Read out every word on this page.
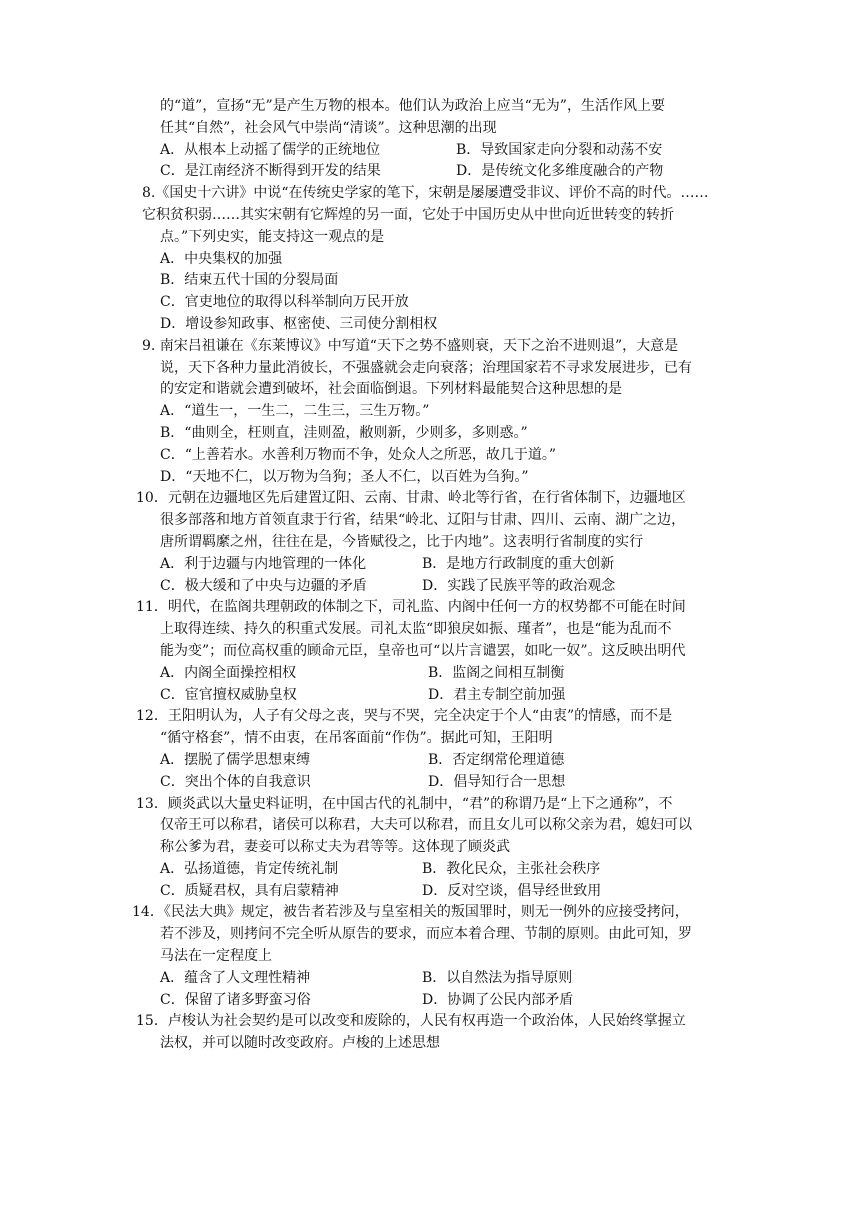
的“道”，宣扬“无”是产生万物的根本。他们认为政治上应当“无为”，生活作风上要

任其“自然”，社会风气中崇尚“清谈”。这种思潮的出现

A．从根本上动摇了儒学的正统地位	B．导致国家走向分裂和动荡不安
C．是江南经济不断得到开发的结果	D．是传统文化多维度融合的产物

8.《国史十六讲》中说“在传统史学家的笔下，宋朝是屡屡遭受非议、评价不高的时代。……

它积贫积弱……其实宋朝有它辉煌的另一面，它处于中国历史从中世向近世转变的转折

点。”下列史实，能支持这一观点的是

A．中央集权的加强

B．结束五代十国的分裂局面

C．官吏地位的取得以科举制向万民开放

D．增设参知政事、枢密使、三司使分割相权

9. 南宋吕祖谦在《东莱博议》中写道“天下之势不盛则衰，天下之治不进则退”，大意是

说，天下各种力量此消彼长，不强盛就会走向衰落；治理国家若不寻求发展进步，已有

的安定和谐就会遭到破坏，社会面临倒退。下列材料最能契合这种思想的是

A．“道生一，一生二，二生三，三生万物。”

B．“曲则全，枉则直，洼则盈，敝则新，少则多，多则惑。”

C．“上善若水。水善利万物而不争，处众人之所恶，故几于道。”

D．“天地不仁，以万物为刍狗；圣人不仁，以百姓为刍狗。”

10．元朝在边疆地区先后建置辽阳、云南、甘肃、岭北等行省，在行省体制下，边疆地区

很多部落和地方首领直隶于行省，结果“岭北、辽阳与甘肃、四川、云南、湖广之边，

唐所谓羁縻之州，往往在是，今皆赋役之，比于内地”。这表明行省制度的实行

A．利于边疆与内地管理的一体化	B．是地方行政制度的重大创新
C．极大缓和了中央与边疆的矛盾	D．实践了民族平等的政治观念

11．明代，在监阁共理朝政的体制之下，司礼监、内阁中任何一方的权势都不可能在时间

上取得连续、持久的积重式发展。司礼太监“即狼戾如振、瑾者”，也是“能为乱而不

能为变”；而位高权重的顾命元臣，皇帝也可“以片言谴罢，如叱一奴”。这反映出明代

A．内阁全面操控相权	B．监阁之间相互制衡
C．宦官擅权威胁皇权	D．君主专制空前加强

12．王阳明认为，人子有父母之丧，哭与不哭，完全决定于个人“由衷”的情感，而不是

“循守格套”，情不由衷，在吊客面前“作伪”。据此可知，王阳明

A．摆脱了儒学思想束缚	B．否定纲常伦理道德
C．突出个体的自我意识	D．倡导知行合一思想

13．顾炎武以大量史料证明，在中国古代的礼制中，“君”的称谓乃是“上下之通称”，不

仅帝王可以称君，诸侯可以称君，大夫可以称君，而且女儿可以称父亲为君，媳妇可以

称公爹为君，妻妾可以称丈夫为君等等。这体现了顾炎武

A．弘扬道德，肯定传统礼制	B．教化民众，主张社会秩序
C．质疑君权，具有启蒙精神	D．反对空谈，倡导经世致用

14．《民法大典》规定，被告者若涉及与皇室相关的叛国罪时，则无一例外的应接受拷问，

若不涉及，则拷问不完全听从原告的要求，而应本着合理、节制的原则。由此可知，罗

马法在一定程度上

A．蕴含了人文理性精神	B．以自然法为指导原则
C．保留了诸多野蛮习俗	D．协调了公民内部矛盾

15．卢梭认为社会契约是可以改变和废除的，人民有权再造一个政治体，人民始终掌握立

法权，并可以随时改变政府。卢梭的上述思想
